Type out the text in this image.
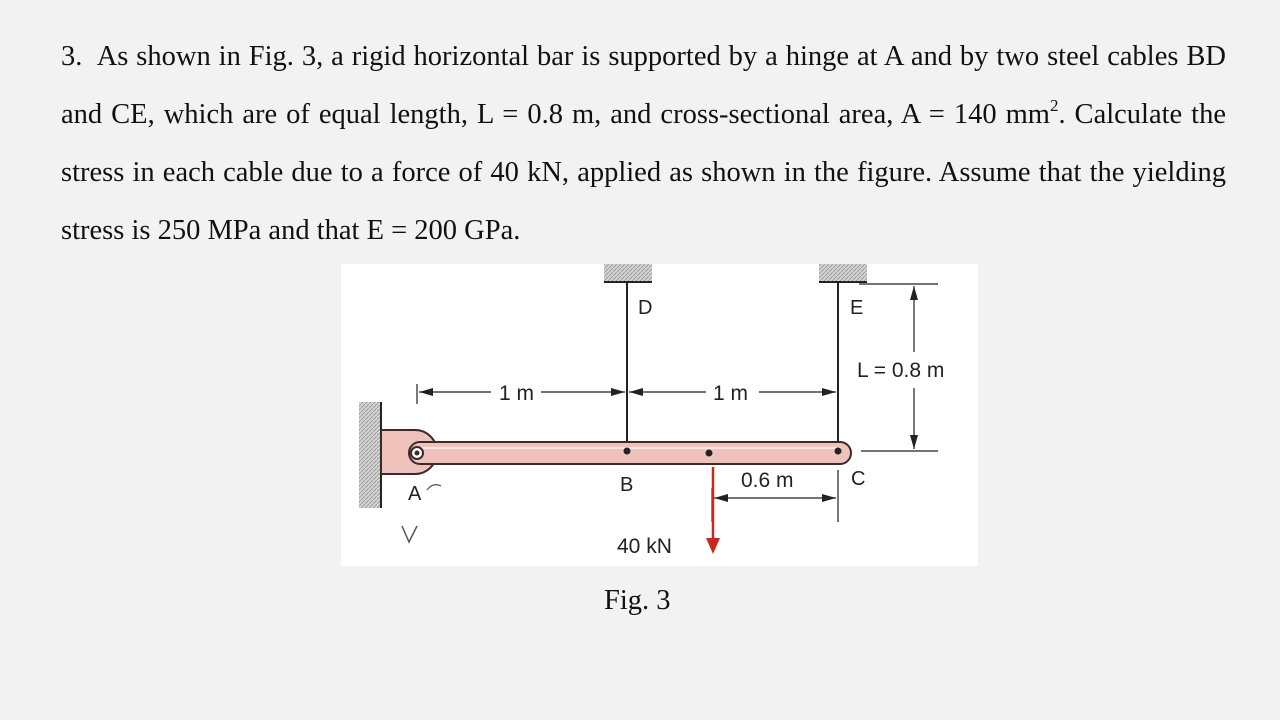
3. As shown in Fig. 3, a rigid horizontal bar is supported by a hinge at A and by two steel cables BD and CE, which are of equal length, L = 0.8 m, and cross-sectional area, A = 140 $mm^2$. Calculate the stress in each cable due to a force of 40 kN, applied as shown in the figure. Assume that the yielding stress is 250 MPa and that E = 200 GPa.

1 m	1 m
L = 0.8 m
0.6 m
40 kN
D	E
B	C
A
Fig. 3
